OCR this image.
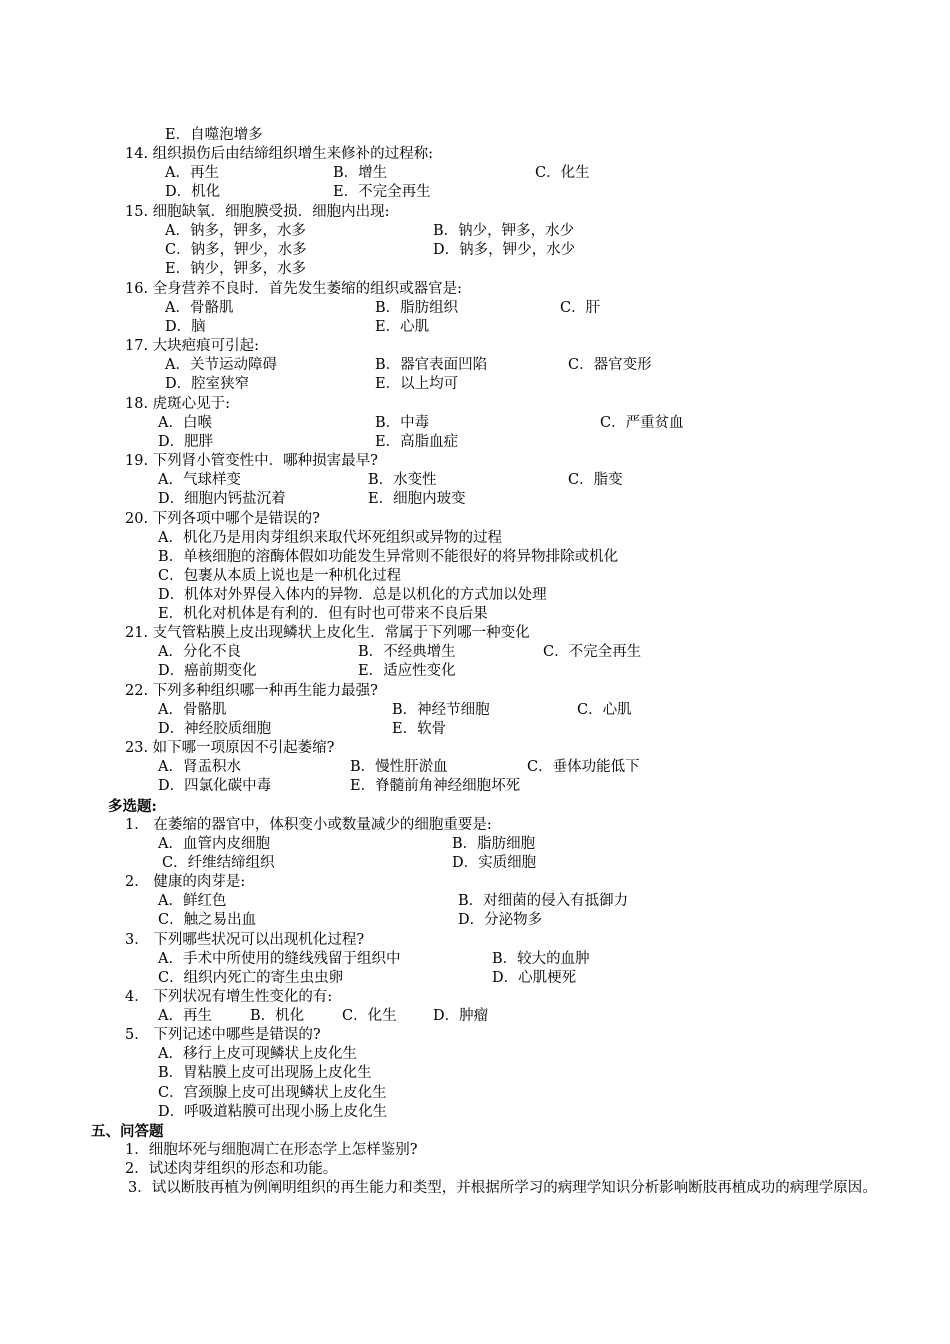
E．自噬泡增多
14. 组织损伤后由结缔组织增生来修补的过程称:
A．再生	B．增生	C．化生
D．机化	E．不完全再生
15. 细胞缺氧．细胞膜受损．细胞内出现:
A．钠多，钾多，水多	B．钠少，钾多，水少
C．钠多，钾少，水多	D．钠多，钾少，水少
E．钠少，钾多，水多
16. 全身营养不良时．首先发生萎缩的组织或器官是:
A．骨骼肌	B．脂肪组织	C．肝
D．脑	E．心肌
17. 大块疤痕可引起:
A．关节运动障碍	B．器官表面凹陷	C．器官变形
D．腔室狭窄	E．以上均可
18. 虎斑心见于:
A．白喉	B．中毒	C．严重贫血
D．肥胖	E．高脂血症
19. 下列肾小管变性中．哪种损害最早?
A．气球样变	B．水变性	C．脂变
D．细胞内钙盐沉着	E．细胞内玻变
20. 下列各项中哪个是错误的?
A．机化乃是用肉芽组织来取代坏死组织或异物的过程
B．单核细胞的溶酶体假如功能发生异常则不能很好的将异物排除或机化
C．包裹从本质上说也是一种机化过程
D．机体对外界侵入体内的异物．总是以机化的方式加以处理
E．机化对机体是有利的．但有时也可带来不良后果
21. 支气管粘膜上皮出现鳞状上皮化生．常属于下列哪一种变化
A．分化不良	B．不经典增生	C．不完全再生
D．癌前期变化	E．适应性变化
22. 下列多种组织哪一种再生能力最强?
A．骨骼肌	B．神经节细胞	C．心肌
D．神经胶质细胞	E．软骨
23. 如下哪一项原因不引起萎缩?
A．肾盂积水	B．慢性肝淤血	C．垂体功能低下
D．四氯化碳中毒	E．脊髓前角神经细胞坏死
多选题:
1． 在萎缩的器官中，体积变小或数量减少的细胞重要是:
A．血管内皮细胞	B．脂肪细胞
C．纤维结缔组织	D．实质细胞
2． 健康的肉芽是:
A．鲜红色	B．对细菌的侵入有抵御力
C．触之易出血	D．分泌物多
3． 下列哪些状况可以出现机化过程?
A．手术中所使用的缝线残留于组织中	B．较大的血肿
C．组织内死亡的寄生虫虫卵	D．心肌梗死
4． 下列状况有增生性变化的有:
A．再生	B．机化	C．化生	D．肿瘤
5． 下列记述中哪些是错误的?
A．移行上皮可现鳞状上皮化生
B．胃粘膜上皮可出现肠上皮化生
C．宫颈腺上皮可出现鳞状上皮化生
D．呼吸道粘膜可出现小肠上皮化生
五、问答题
1．细胞坏死与细胞凋亡在形态学上怎样鉴别?
2．试述肉芽组织的形态和功能。
3．试以断肢再植为例阐明组织的再生能力和类型，并根据所学习的病理学知识分析影响断肢再植成功的病理学原因。
